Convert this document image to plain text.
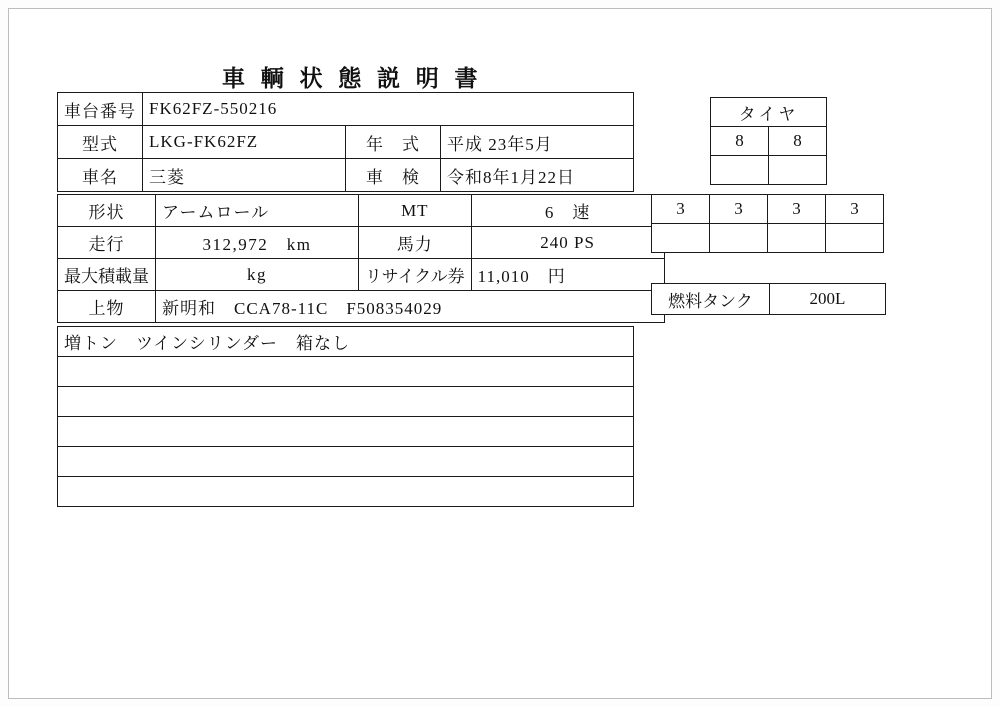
車 輌 状 態 説 明 書
車台番号	FK62FZ-550216		
型式	LKG-FK62FZ	年　式	平成 23年5月
車名	三菱	車　検	令和8年1月22日
形状	アームロール	MT	6　速
走行	312,972　km	馬力	240 PS
最大積載量	kg	リサイクル券	11,010　円
上物	新明和　CCA78-11C　F508354029		
増トン　ツインシリンダー　箱なし

タイヤ	
8	8

3	3	3	3

燃料タンク	200L
